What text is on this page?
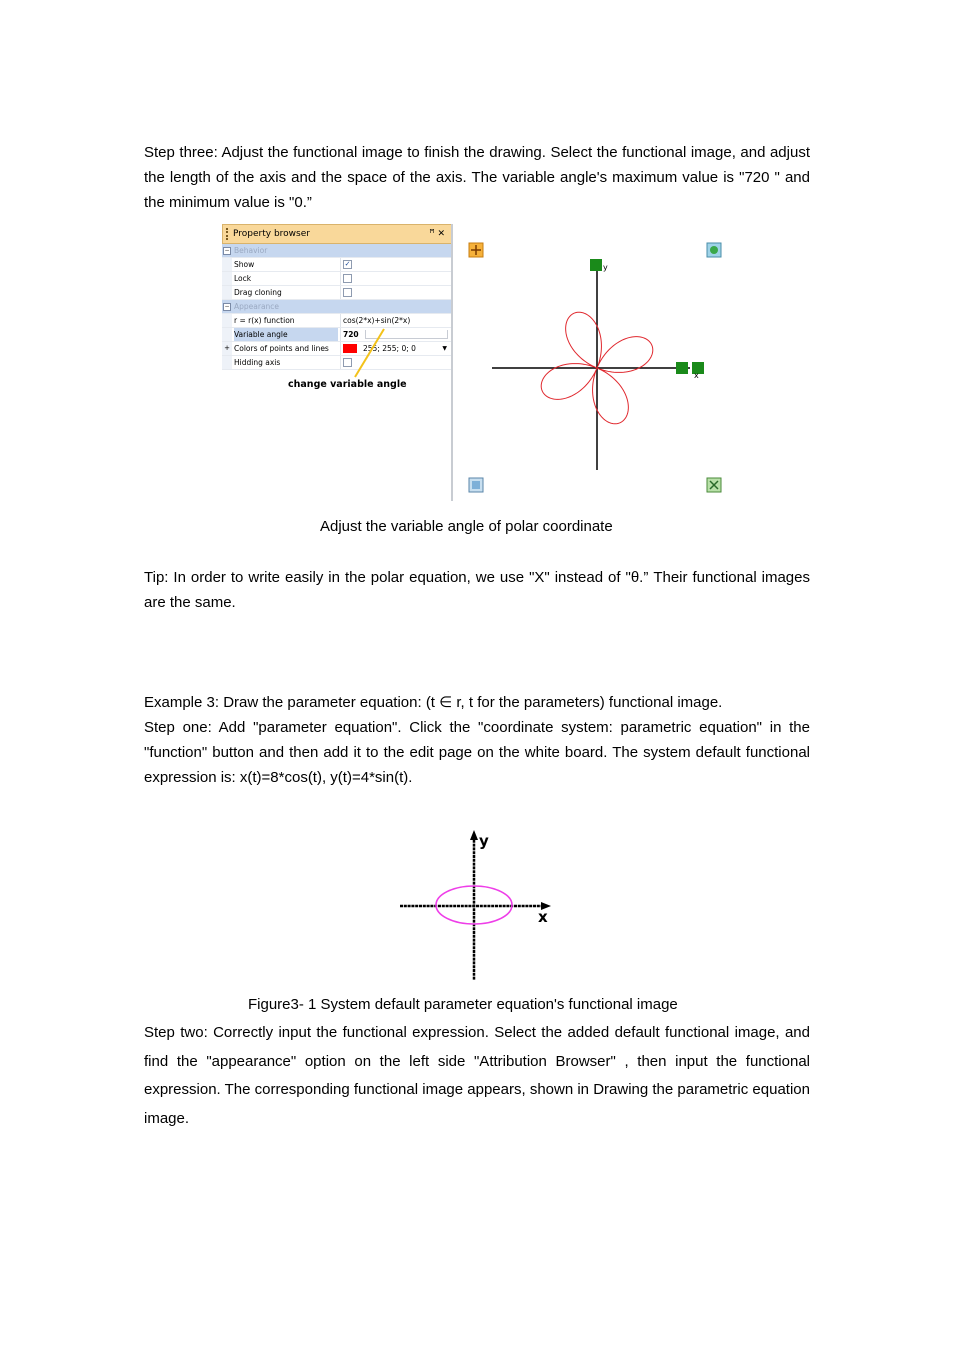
Step three: Adjust the functional image to finish the drawing. Select the functional image, and adjust the length of the axis and the space of the axis. The variable angle's maximum value is "720 " and the minimum value is "0.”

Property browser	ꟸ ✕
− Behavior
Show	✓
Lock
Drag cloning
− Appearance
r = r(x) function	cos(2*x)+sin(2*x)
Variable angle	720
+ Colors of points and lines	255; 255; 0; 0	▼
Hidding axis
change variable angle
y
x
Adjust the variable angle of polar coordinate

Tip: In order to write easily in the polar equation, we use "X" instead of "θ.” Their functional images are the same.

Example 3: Draw the parameter equation: (t ∈ r, t for the parameters) functional image.

Step one: Add "parameter equation". Click the "coordinate system: parametric equation" in the "function" button and then add it to the edit page on the white board. The system default functional expression is: x(t)=8*cos(t), y(t)=4*sin(t).

y
x
Figure3- 1 System default parameter equation's functional image

Step two: Correctly input the functional expression. Select the added default functional image, and find the "appearance" option on the left side "Attribution Browser" , then input the functional expression. The corresponding functional image appears, shown in Drawing the parametric equation image.
